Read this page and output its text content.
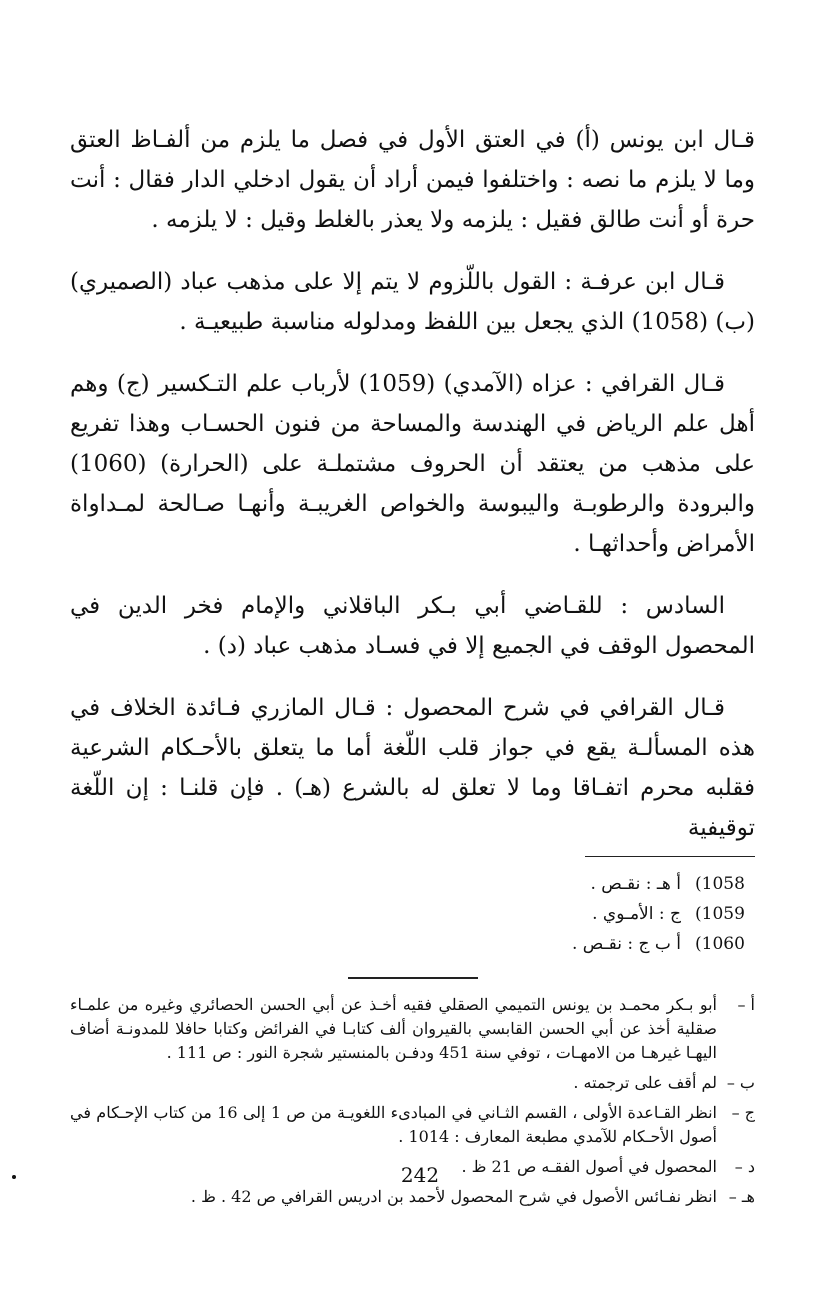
قـال ابن يونس (أ) في العتق الأول في فصل ما يلزم من ألفـاظ العتق وما لا يلزم ما نصه : واختلفوا فيمن أراد أن يقول ادخلي الدار فقال : أنت حرة أو أنت طالق فقيل : يلزمه ولا يعذر بالغلط وقيل : لا يلزمه .

قـال ابن عرفـة : القول باللّزوم لا يتم إلا على مذهب عباد (الصميري) (ب) (1058) الذي يجعل بين اللفظ ومدلوله مناسبة طبيعيـة .

قـال القرافي : عزاه (الآمدي) (1059) لأرباب علم التـكسير (ج) وهم أهل علم الرياض في الهندسة والمساحة من فنون الحسـاب وهذا تفريع على مذهب من يعتقد أن الحروف مشتملـة على (الحرارة) (1060) والبرودة والرطوبـة واليبوسة والخواص الغريبـة وأنهـا صـالحة لمـداواة الأمراض وأحداثهـا .

السادس : للقـاضي أبي بـكر الباقلاني والإمام فخر الدين في المحصول الوقف في الجميع إلا في فسـاد مذهب عباد (د) .

قـال القرافي في شرح المحصول : قـال المازري فـائدة الخلاف في هذه المسألـة يقع في جواز قلب اللّغة أما ما يتعلق بالأحـكام الشرعية فقلبه محرم اتفـاقا وما لا تعلق له بالشرع (هـ) . فإن قلنـا : إن اللّغة توقيفية

(1058
أ هـ : نقـص .
(1059
ج : الأمـوي .
(1060
أ ب ج : نقـص .
أ –
أبو بـكر محمـد بن يونس التميمي الصقلي فقيه أخـذ عن أبي الحسن الحصائري وغيره من علمـاء صقلية أخذ عن أبي الحسن القابسي بالقيروان ألف كتابـا في الفرائض وكتابا حافلا للمدونـة أضاف اليهـا غيرهـا من الامهـات ، توفي سنة 451 ودفـن بالمنستير شجرة النور : ص 111 .
ب –
لم أقف على ترجمته .
ج –
انظر القـاعدة الأولى ، القسم الثـاني في المبادىء اللغويـة من ص 1 إلى 16 من كتاب الإحـكام في أصول الأحـكام للآمدي مطبعة المعارف : 1014 .
د –
المحصول في أصول الفقـه ص 21 ظ .
هـ –
انظر نفـائس الأصول في شرح المحصول لأحمد بن ادريس القرافي ص 42 . ظ .
242
